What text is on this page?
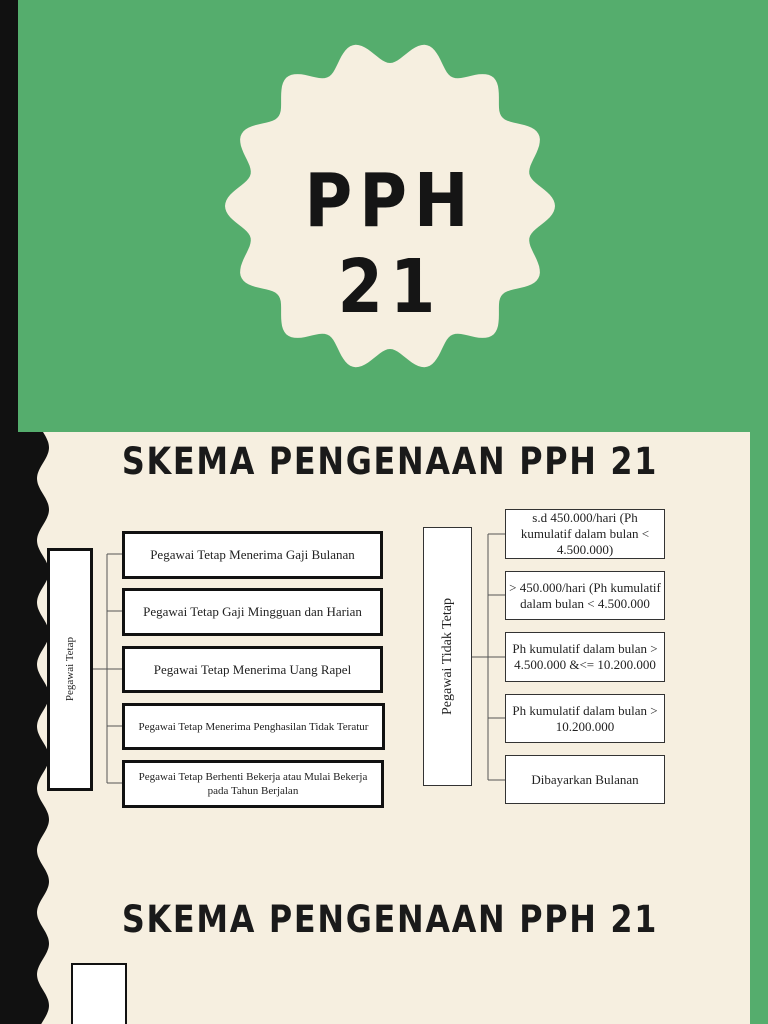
PPH 21
SKEMA PENGENAAN PPH 21
Pegawai Tetap
Pegawai Tetap Menerima Gaji Bulanan
Pegawai Tetap Gaji Mingguan dan Harian
Pegawai Tetap Menerima Uang Rapel
Pegawai Tetap Menerima Penghasilan Tidak Teratur
Pegawai Tetap Berhenti Bekerja atau Mulai Bekerja pada Tahun Berjalan
Pegawai Tidak Tetap
s.d 450.000/hari (Ph kumulatif dalam bulan < 4.500.000)
> 450.000/hari (Ph kumulatif dalam bulan < 4.500.000
Ph kumulatif dalam bulan > 4.500.000 &<= 10.200.000
Ph kumulatif dalam bulan > 10.200.000
Dibayarkan Bulanan
SKEMA PENGENAAN PPH 21
